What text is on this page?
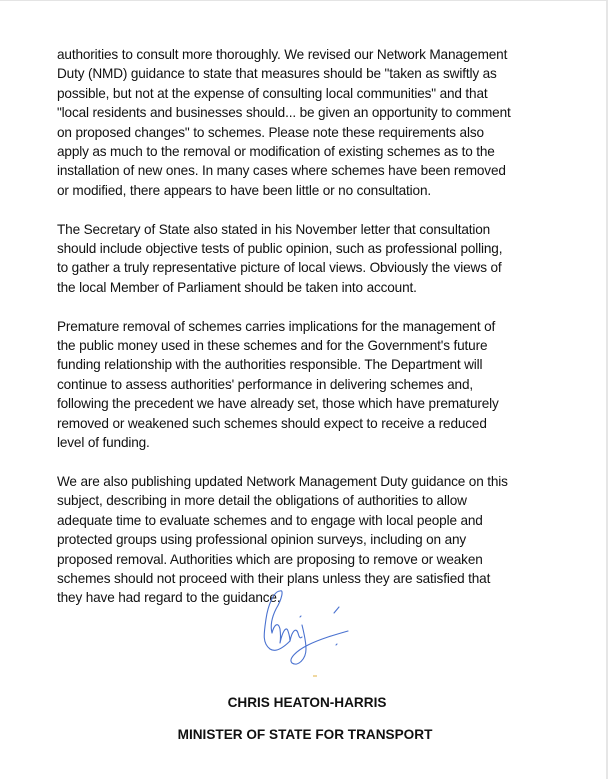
authorities to consult more thoroughly. We revised our Network Management
Duty (NMD) guidance to state that measures should be "taken as swiftly as
possible, but not at the expense of consulting local communities" and that
"local residents and businesses should... be given an opportunity to comment
on proposed changes" to schemes. Please note these requirements also
apply as much to the removal or modification of existing schemes as to the
installation of new ones. In many cases where schemes have been removed
or modified, there appears to have been little or no consultation.

The Secretary of State also stated in his November letter that consultation
should include objective tests of public opinion, such as professional polling,
to gather a truly representative picture of local views. Obviously the views of
the local Member of Parliament should be taken into account.

Premature removal of schemes carries implications for the management of
the public money used in these schemes and for the Government's future
funding relationship with the authorities responsible. The Department will
continue to assess authorities' performance in delivering schemes and,
following the precedent we have already set, those which have prematurely
removed or weakened such schemes should expect to receive a reduced
level of funding.

We are also publishing updated Network Management Duty guidance on this
subject, describing in more detail the obligations of authorities to allow
adequate time to evaluate schemes and to engage with local people and
protected groups using professional opinion surveys, including on any
proposed removal. Authorities which are proposing to remove or weaken
schemes should not proceed with their plans unless they are satisfied that
they have had regard to the guidance.

CHRIS HEATON-HARRIS
MINISTER OF STATE FOR TRANSPORT
